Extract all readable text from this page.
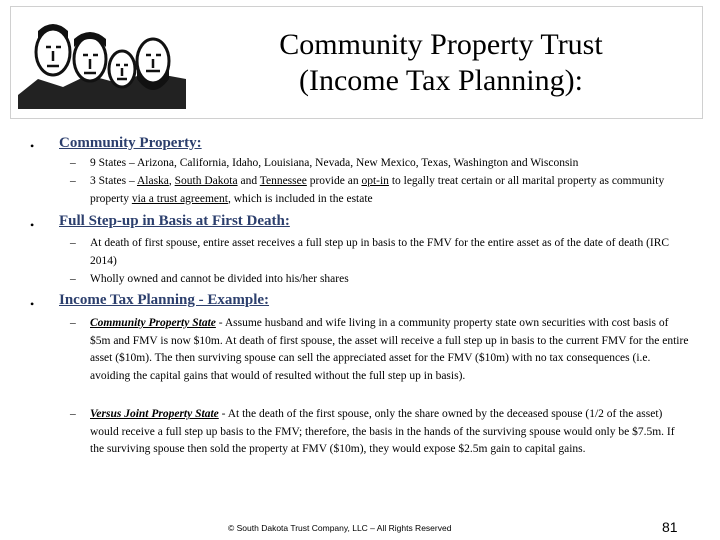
Community Property Trust
(Income Tax Planning):
• Community Property:
– 9 States – Arizona, California, Idaho, Louisiana, Nevada, New Mexico, Texas, Washington and Wisconsin
– 3 States – Alaska, South Dakota and Tennessee provide an opt-in to legally treat certain or all marital property as community property via a trust agreement, which is included in the estate
• Full Step-up in Basis at First Death:
– At death of first spouse, entire asset receives a full step up in basis to the FMV for the entire asset as of the date of death (IRC 2014)
– Wholly owned and cannot be divided into his/her shares
• Income Tax Planning - Example:
– Community Property State - Assume husband and wife living in a community property state own securities with cost basis of $5m and FMV is now $10m. At death of first spouse, the asset will receive a full step up in basis to the current FMV for the entire asset ($10m). The then surviving spouse can sell the appreciated asset for the FMV ($10m) with no tax consequences (i.e. avoiding the capital gains that would of resulted without the full step up in basis).
– Versus Joint Property State - At the death of the first spouse, only the share owned by the deceased spouse (1/2 of the asset) would receive a full step up basis to the FMV; therefore, the basis in the hands of the surviving spouse would only be $7.5m. If the surviving spouse then sold the property at FMV ($10m), they would expose $2.5m gain to capital gains.
© South Dakota Trust Company, LLC – All Rights Reserved	81
